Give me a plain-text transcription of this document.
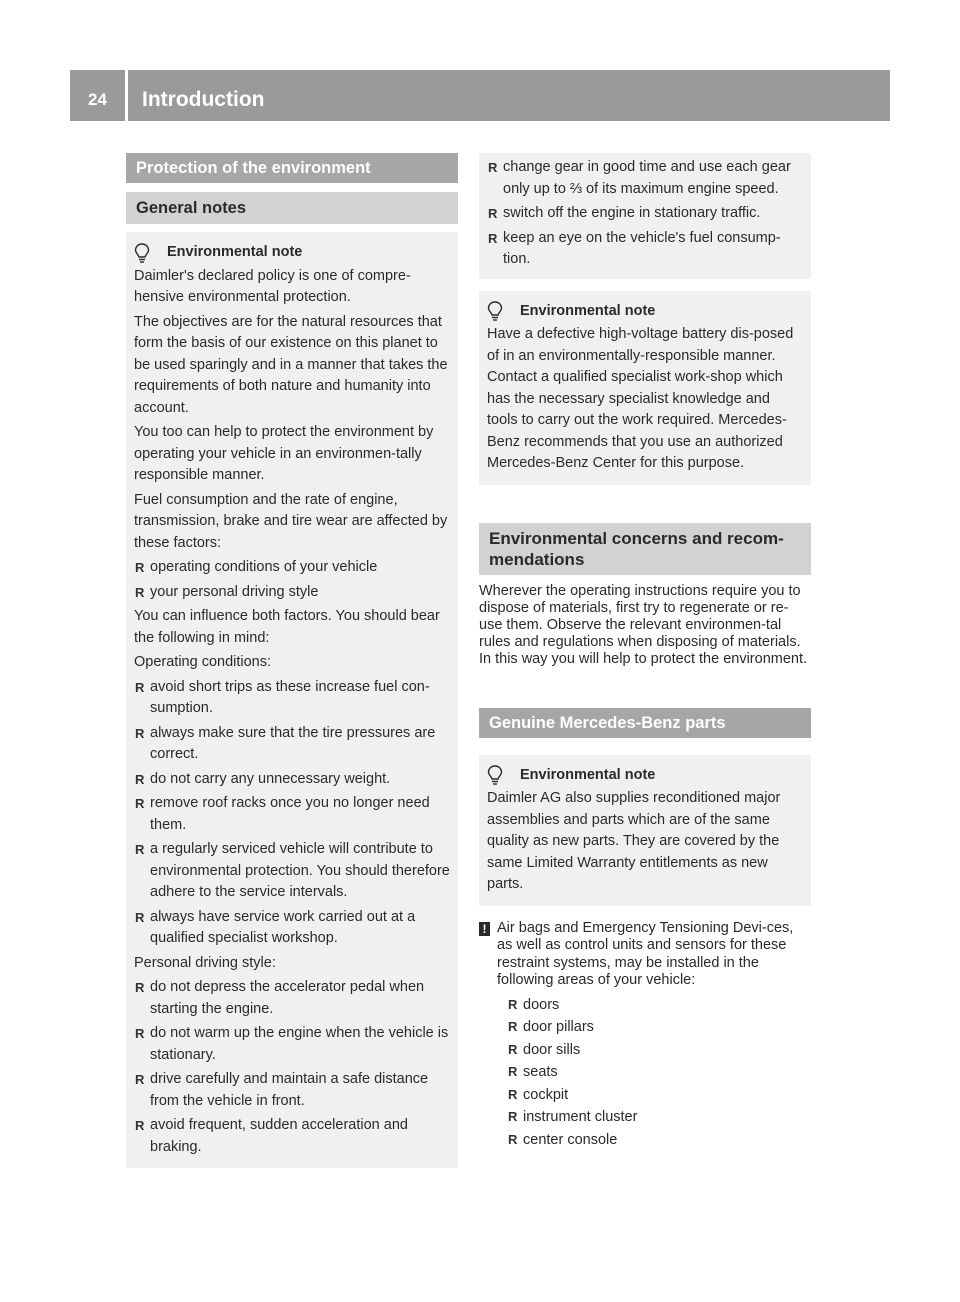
24	Introduction
Protection of the environment
General notes
Environmental note
Daimler's declared policy is one of compre-hensive environmental protection.
The objectives are for the natural resources that form the basis of our existence on this planet to be used sparingly and in a manner that takes the requirements of both nature and humanity into account.
You too can help to protect the environment by operating your vehicle in an environmen-tally responsible manner.
Fuel consumption and the rate of engine, transmission, brake and tire wear are affected by these factors:
R operating conditions of your vehicle
R your personal driving style
You can influence both factors. You should bear the following in mind:
Operating conditions:
R avoid short trips as these increase fuel con-sumption.
R always make sure that the tire pressures are correct.
R do not carry any unnecessary weight.
R remove roof racks once you no longer need them.
R a regularly serviced vehicle will contribute to environmental protection. You should therefore adhere to the service intervals.
R always have service work carried out at a qualified specialist workshop.
Personal driving style:
R do not depress the accelerator pedal when starting the engine.
R do not warm up the engine when the vehicle is stationary.
R drive carefully and maintain a safe distance from the vehicle in front.
R avoid frequent, sudden acceleration and braking.
R change gear in good time and use each gear only up to ⅔ of its maximum engine speed.
R switch off the engine in stationary traffic.
R keep an eye on the vehicle's fuel consump-tion.
Environmental note
Have a defective high-voltage battery dis-posed of in an environmentally-responsible manner. Contact a qualified specialist work-shop which has the necessary specialist knowledge and tools to carry out the work required. Mercedes-Benz recommends that you use an authorized Mercedes-Benz Center for this purpose.
Environmental concerns and recom-mendations
Wherever the operating instructions require you to dispose of materials, first try to regenerate or re-use them. Observe the relevant environmen-tal rules and regulations when disposing of materials. In this way you will help to protect the environment.
Genuine Mercedes-Benz parts
Environmental note
Daimler AG also supplies reconditioned major assemblies and parts which are of the same quality as new parts. They are covered by the same Limited Warranty entitlements as new parts.
! Air bags and Emergency Tensioning Devi-ces, as well as control units and sensors for these restraint systems, may be installed in the following areas of your vehicle:
R doors
R door pillars
R door sills
R seats
R cockpit
R instrument cluster
R center console
